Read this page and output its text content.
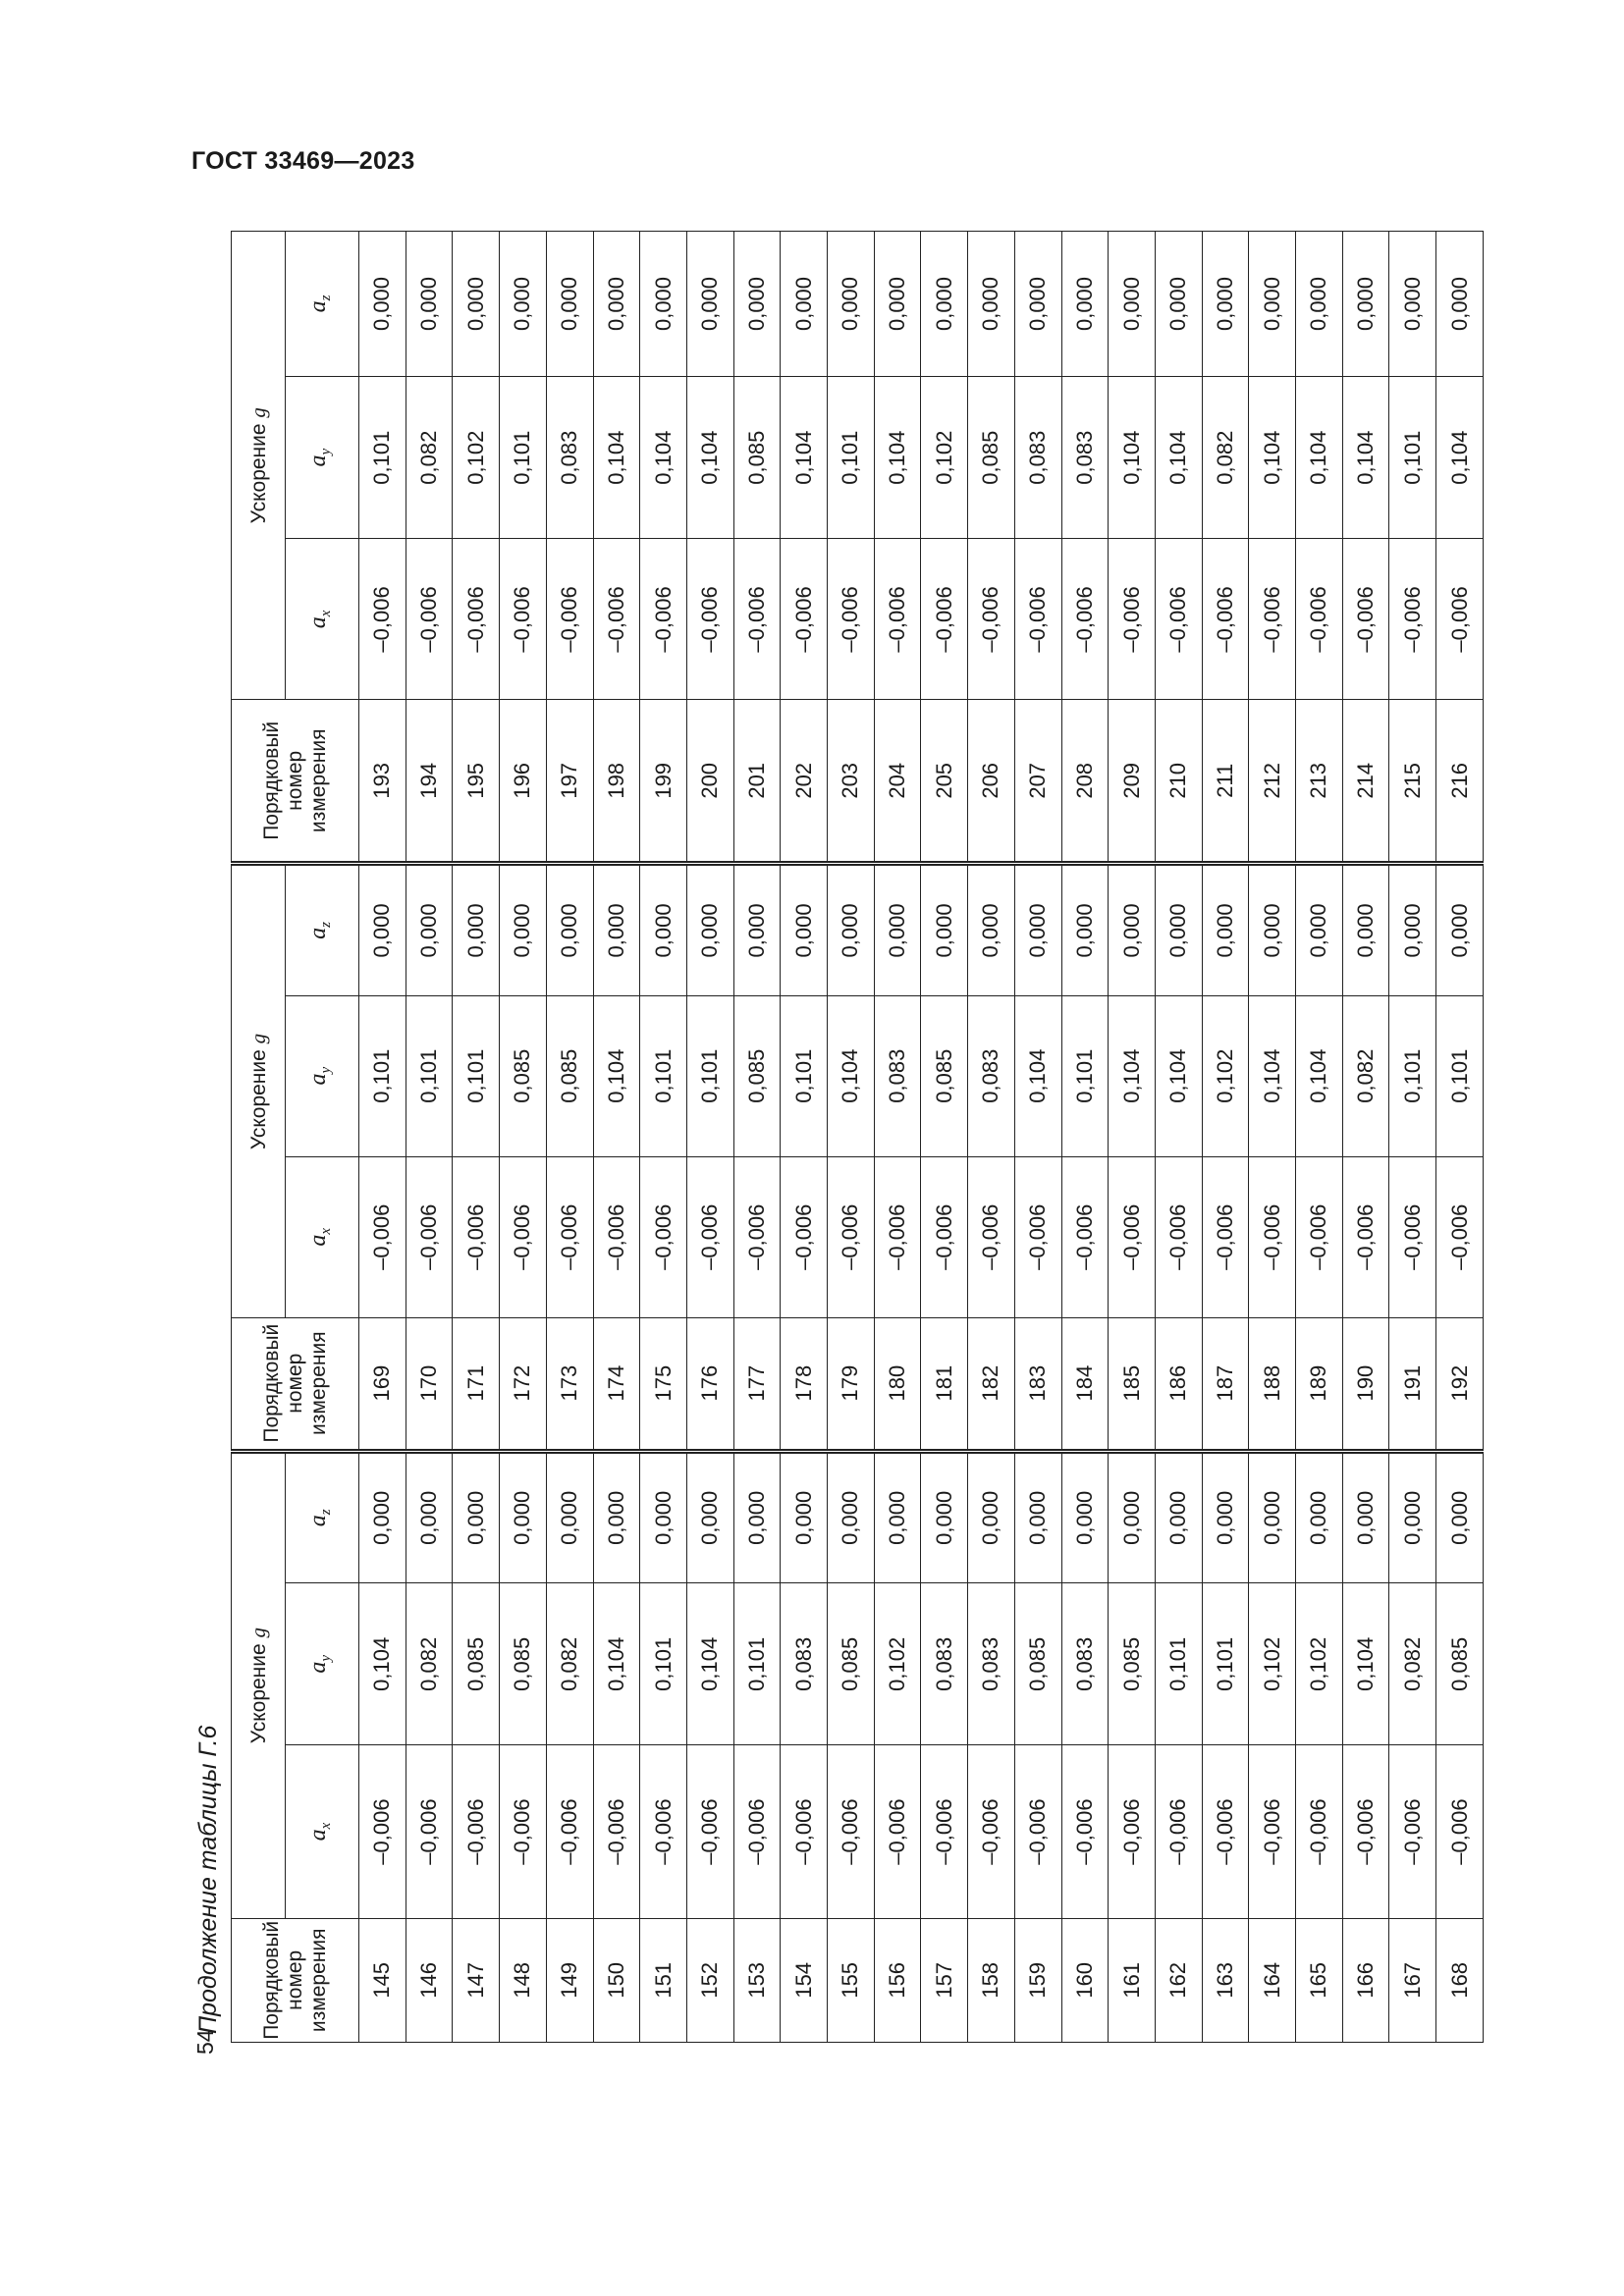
ГОСТ 33469—2023
54
Продолжение таблицы Г.6 Порядковый номер измерения	Ускорение g			Порядковый номер измерения	Ускорение g			Порядковый номер измерения	Ускорение g		
	$a_x$	$a_y$	$a_z$		$a_x$	$a_y$	$a_z$		$a_x$	$a_y$	$a_z$
145	–0,006	0,104	0,000	169	–0,006	0,101	0,000	193	–0,006	0,101	0,000
146	–0,006	0,082	0,000	170	–0,006	0,101	0,000	194	–0,006	0,082	0,000
147	–0,006	0,085	0,000	171	–0,006	0,101	0,000	195	–0,006	0,102	0,000
148	–0,006	0,085	0,000	172	–0,006	0,085	0,000	196	–0,006	0,101	0,000
149	–0,006	0,082	0,000	173	–0,006	0,085	0,000	197	–0,006	0,083	0,000
150	–0,006	0,104	0,000	174	–0,006	0,104	0,000	198	–0,006	0,104	0,000
151	–0,006	0,101	0,000	175	–0,006	0,101	0,000	199	–0,006	0,104	0,000
152	–0,006	0,104	0,000	176	–0,006	0,101	0,000	200	–0,006	0,104	0,000
153	–0,006	0,101	0,000	177	–0,006	0,085	0,000	201	–0,006	0,085	0,000
154	–0,006	0,083	0,000	178	–0,006	0,101	0,000	202	–0,006	0,104	0,000
155	–0,006	0,085	0,000	179	–0,006	0,104	0,000	203	–0,006	0,101	0,000
156	–0,006	0,102	0,000	180	–0,006	0,083	0,000	204	–0,006	0,104	0,000
157	–0,006	0,083	0,000	181	–0,006	0,085	0,000	205	–0,006	0,102	0,000
158	–0,006	0,083	0,000	182	–0,006	0,083	0,000	206	–0,006	0,085	0,000
159	–0,006	0,085	0,000	183	–0,006	0,104	0,000	207	–0,006	0,083	0,000
160	–0,006	0,083	0,000	184	–0,006	0,101	0,000	208	–0,006	0,083	0,000
161	–0,006	0,085	0,000	185	–0,006	0,104	0,000	209	–0,006	0,104	0,000
162	–0,006	0,101	0,000	186	–0,006	0,104	0,000	210	–0,006	0,104	0,000
163	–0,006	0,101	0,000	187	–0,006	0,102	0,000	211	–0,006	0,082	0,000
164	–0,006	0,102	0,000	188	–0,006	0,104	0,000	212	–0,006	0,104	0,000
165	–0,006	0,102	0,000	189	–0,006	0,104	0,000	213	–0,006	0,104	0,000
166	–0,006	0,104	0,000	190	–0,006	0,082	0,000	214	–0,006	0,104	0,000
167	–0,006	0,082	0,000	191	–0,006	0,101	0,000	215	–0,006	0,101	0,000
168	–0,006	0,085	0,000	192	–0,006	0,101	0,000	216	–0,006	0,104	0,000
